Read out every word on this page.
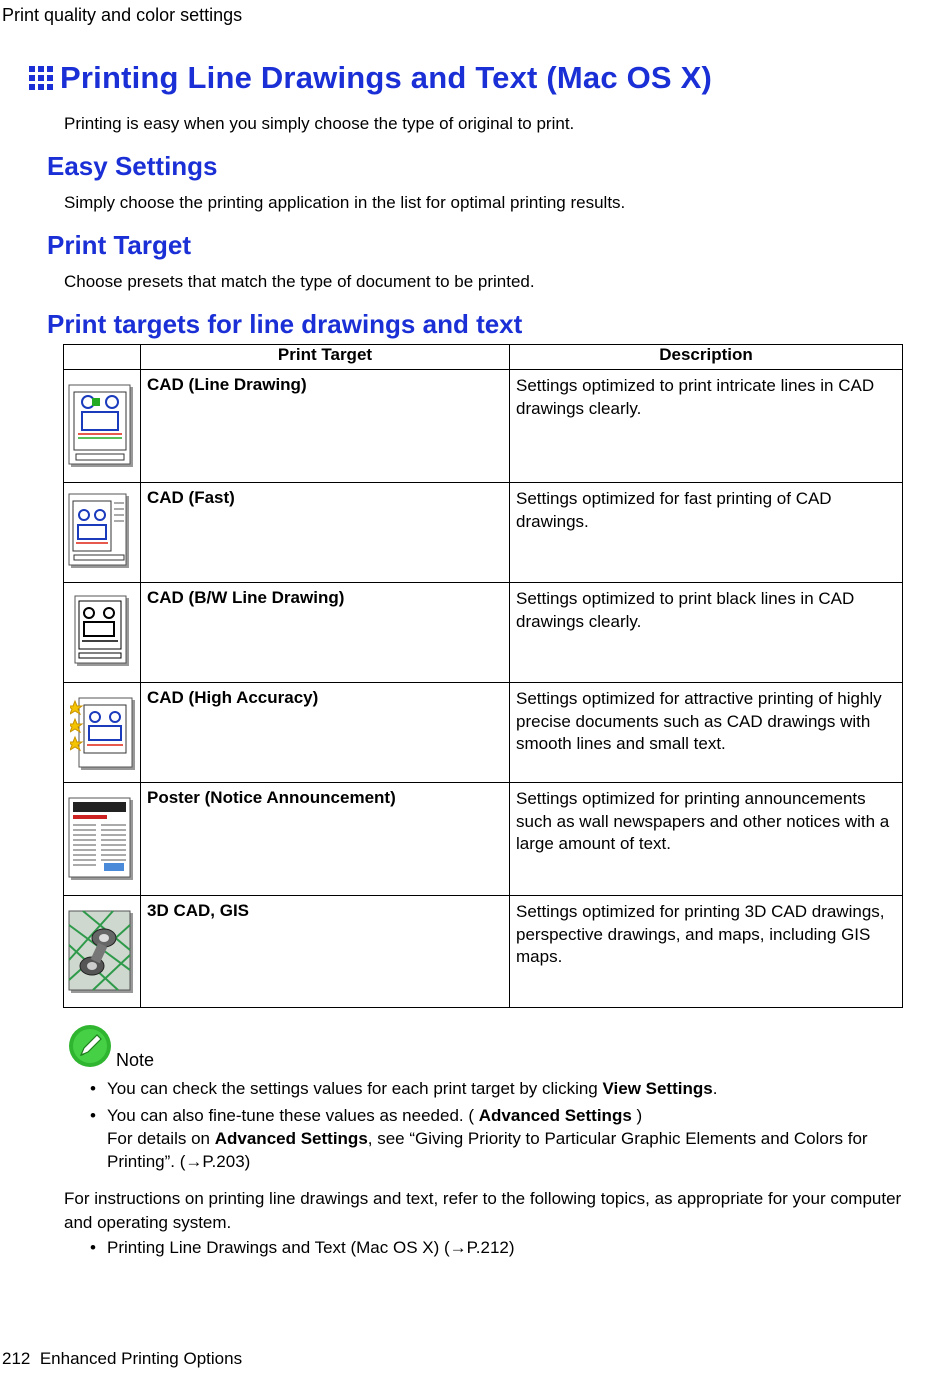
Print quality and color settings
Printing Line Drawings and Text (Mac OS X)
Printing is easy when you simply choose the type of original to print.
Easy Settings
Simply choose the printing application in the list for optimal printing results.
Print Target
Choose presets that match the type of document to be printed.
Print targets for line drawings and text
	Print Target	Description

	CAD (Line Drawing)	Settings optimized to print intricate lines in CAD drawings clearly.

	CAD (Fast)	Settings optimized for fast printing of CAD drawings.

	CAD (B/W Line Drawing)	Settings optimized to print black lines in CAD drawings clearly.

	CAD (High Accuracy)	Settings optimized for attractive printing of highly precise documents such as CAD drawings with smooth lines and small text.

	Poster (Notice Announcement)	Settings optimized for printing announcements such as wall newspapers and other notices with a large amount of text.

	3D CAD, GIS	Settings optimized for printing 3D CAD drawings, perspective drawings, and maps, including GIS maps.
Note
• You can check the settings values for each print target by clicking View Settings.
• You can also fine-tune these values as needed. ( Advanced Settings )
For details on Advanced Settings, see “Giving Priority to Particular Graphic Elements and Colors for Printing”. (→P.203)
For instructions on printing line drawings and text, refer to the following topics, as appropriate for your computer and operating system.
• Printing Line Drawings and Text (Mac OS X) (→P.212)
212 Enhanced Printing Options
